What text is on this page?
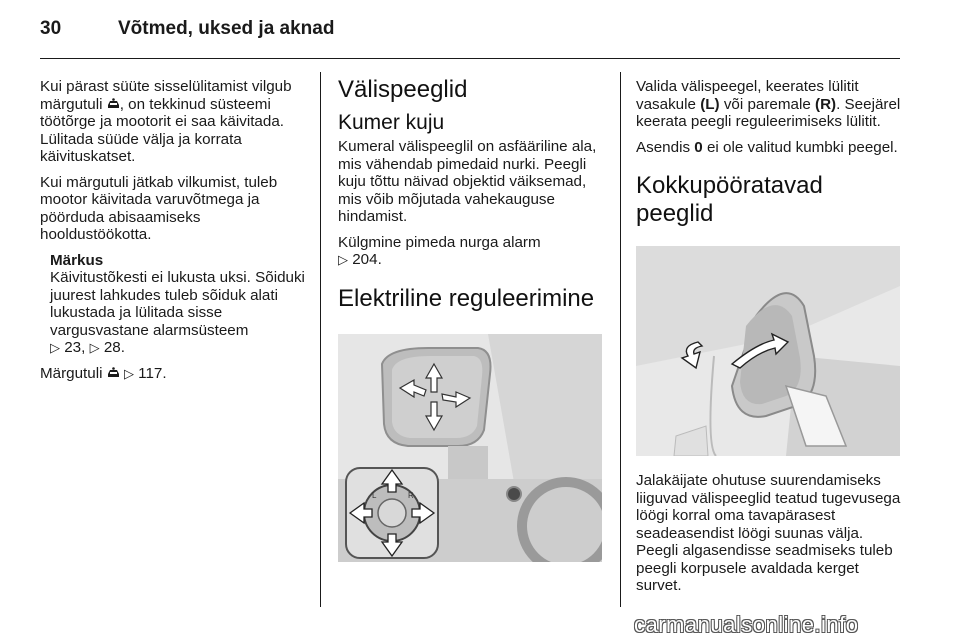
30	Võtmed, uksed ja aknad

Kui pärast süüte sisselülitamist vilgub märgutuli , on tekkinud süsteemi töötõrge ja mootorit ei saa käivitada. Lülitada süüde välja ja korrata käivituskatset.

Kui märgutuli jätkab vilkumist, tuleb mootor käivitada varuvõtmega ja pöörduda abisaamiseks hooldustöökotta.

Märkus
Käivitustõkesti ei lukusta uksi. Sõiduki juurest lahkudes tuleb sõiduk alati lukustada ja lülitada sisse vargusvastane alarmsüsteem
▷ 23, ▷ 28.

Märgutuli ▷ 117.

Välispeeglid
Kumer kuju

Kumeral välispeeglil on asfääriline ala, mis vähendab pimedaid nurki. Peegli kuju tõttu näivad objektid väiksemad, mis võib mõjutada vahekauguse hindamist.

Külgmine pimeda nurga alarm
▷ 204.

Elektriline reguleerimine
L	R

Valida välispeegel, keerates lülitit vasakule (L) või paremale (R). Seejärel keerata peegli reguleerimiseks lülitit.

Asendis 0 ei ole valitud kumbki peegel.

Kokkupööratavad peeglid

Jalakäijate ohutuse suurendamiseks liiguvad välispeeglid teatud tugevusega löögi korral oma tavapärasest seadeasendist löögi suunas välja. Peegli algasendisse seadmiseks tuleb peegli korpusele avaldada kerget survet.

carmanualsonline.info
